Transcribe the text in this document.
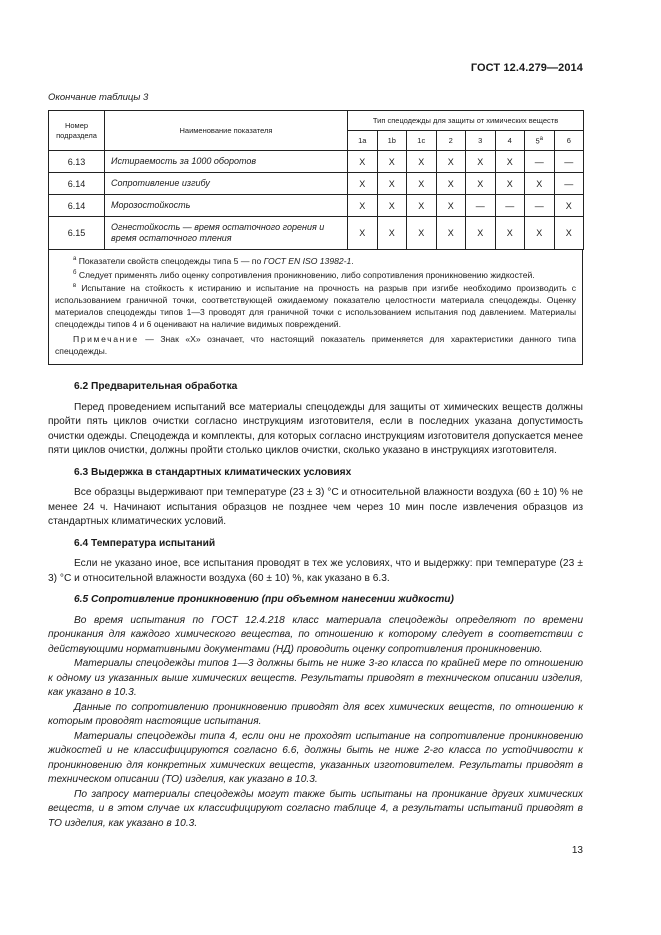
ГОСТ 12.4.279—2014
Окончание таблицы 3
Номер подраздела	Наименование показателя	Тип спецодежды для защиты от химических веществ							
		1a	1b	1c	2	3	4	$5^а$	6
6.13	Истираемость за 1000 оборотов	X	X	X	X	X	X	—	—
6.14	Сопротивление изгибу	X	X	X	X	X	X	X	—
6.14	Морозостойкость	X	X	X	X	—	—	—	X
6.15	Огнестойкость — время остаточного горения и время остаточного тления	X	X	X	X	X	X	X	X

$^а$ Показатели свойств спецодежды типа 5 — по ГОСТ EN ISO 13982-1.

$^б$ Следует применять либо оценку сопротивления проникновению, либо сопротивления проникновению жидкостей.

$^в$ Испытание на стойкость к истиранию и испытание на прочность на разрыв при изгибе необходимо производить с использованием граничной точки, соответствующей ожидаемому показателю целостности материала спецодежды. Оценку материалов спецодежды типов 1—3 проводят для граничной точки с использованием испытания под давлением. Материалы спецодежды типов 4 и 6 оценивают на наличие видимых повреждений.

Примечание — Знак «X» означает, что настоящий показатель применяется для характеристики данного типа спецодежды.

6.2 Предварительная обработка

Перед проведением испытаний все материалы спецодежды для защиты от химических веществ должны пройти пять циклов очистки согласно инструкциям изготовителя, если в последних указана допустимость очистки одежды. Спецодежда и комплекты, для которых согласно инструкциям изготовителя допускается менее пяти циклов очистки, должны пройти столько циклов очистки, сколько указано в инструкциях изготовителя.

6.3 Выдержка в стандартных климатических условиях

Все образцы выдерживают при температуре (23 ± 3) °С и относительной влажности воздуха (60 ± 10) % не менее 24 ч. Начинают испытания образцов не позднее чем через 10 мин после извлечения образцов из стандартных климатических условий.

6.4 Температура испытаний

Если не указано иное, все испытания проводят в тех же условиях, что и выдержку: при температуре (23 ± 3) °С и относительной влажности воздуха (60 ± 10) %, как указано в 6.3.

6.5 Сопротивление проникновению (при объемном нанесении жидкости)

Во время испытания по ГОСТ 12.4.218 класс материала спецодежды определяют по времени проникания для каждого химического вещества, по отношению к которому следует в соответствии с действующими нормативными документами (НД) проводить оценку сопротивления проникновению.

Материалы спецодежды типов 1—3 должны быть не ниже 3-го класса по крайней мере по отношению к одному из указанных выше химических веществ. Результаты приводят в техническом описании изделия, как указано в 10.3.

Данные по сопротивлению проникновению приводят для всех химических веществ, по отношению к которым проводят настоящие испытания.

Материалы спецодежды типа 4, если они не проходят испытание на сопротивление проникновению жидкостей и не классифицируются согласно 6.6, должны быть не ниже 2-го класса по устойчивости к проникновению для конкретных химических веществ, указанных изготовителем. Результаты приводят в техническом описании (ТО) изделия, как указано в 10.3.

По запросу материалы спецодежды могут также быть испытаны на проникание других химических веществ, и в этом случае их классифицируют согласно таблице 4, а результаты испытаний приводят в ТО изделия, как указано в 10.3.

13
